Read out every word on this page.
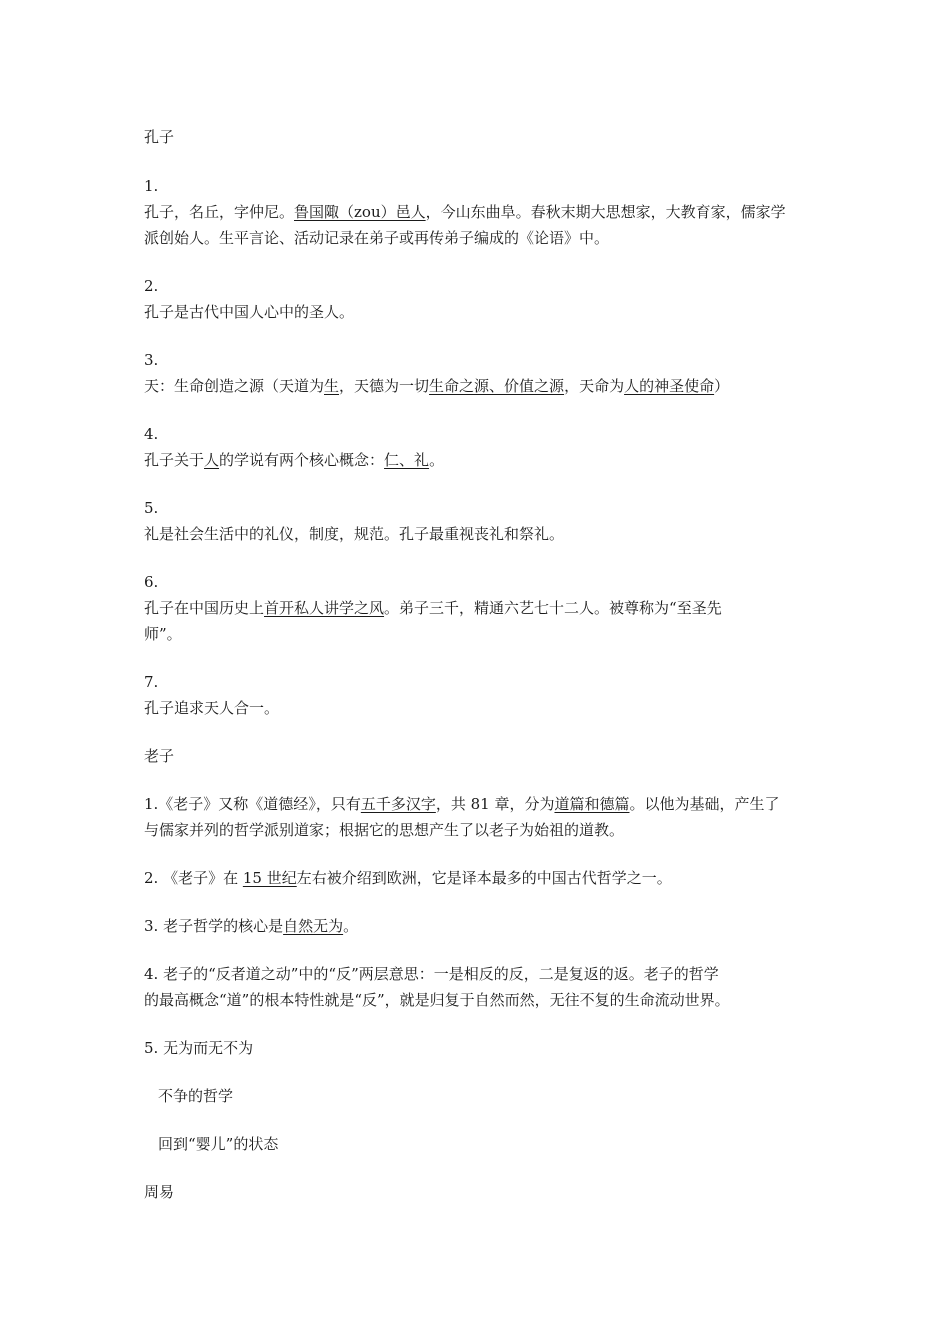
孔子
1.
孔子，名丘，字仲尼。鲁国陬（zou）邑人，今山东曲阜。春秋末期大思想家，大教育家，儒家学
派创始人。生平言论、活动记录在弟子或再传弟子编成的《论语》中。
2.
孔子是古代中国人心中的圣人。
3.
天：生命创造之源（天道为生，天德为一切生命之源、价值之源，天命为人的神圣使命）
4.
孔子关于人的学说有两个核心概念：仁、礼。
5.
礼是社会生活中的礼仪，制度，规范。孔子最重视丧礼和祭礼。
6.
孔子在中国历史上首开私人讲学之风。弟子三千，精通六艺七十二人。被尊称为“至圣先
师”。
7.
孔子追求天人合一。
老子
1.《老子》又称《道德经》，只有五千多汉字，共 81 章，分为道篇和德篇。以他为基础，产生了
与儒家并列的哲学派别道家；根据它的思想产生了以老子为始祖的道教。
2. 《老子》在 15 世纪左右被介绍到欧洲，它是译本最多的中国古代哲学之一。
3. 老子哲学的核心是自然无为。
4. 老子的“反者道之动”中的“反”两层意思：一是相反的反，二是复返的返。老子的哲学
的最高概念“道”的根本特性就是“反”，就是归复于自然而然，无往不复的生命流动世界。
5. 无为而无不为
不争的哲学
回到“婴儿”的状态
周易
